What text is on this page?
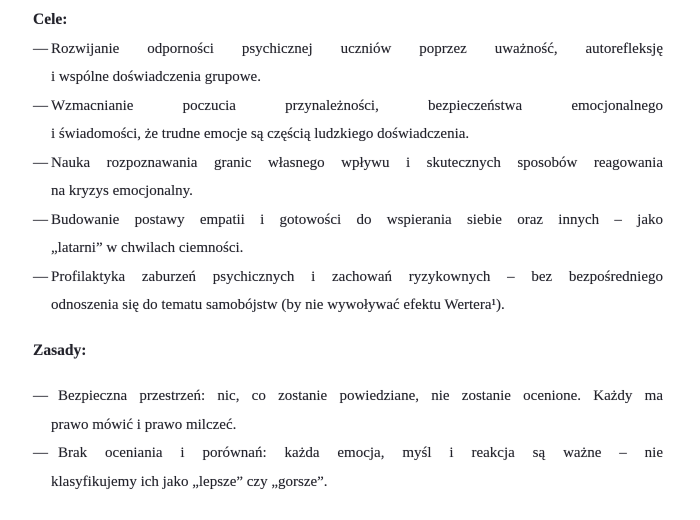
Cele:
— Rozwijanie odporności psychicznej uczniów poprzez uważność, autorefleksję
i wspólne doświadczenia grupowe.
— Wzmacnianie poczucia przynależności, bezpieczeństwa emocjonalnego
i świadomości, że trudne emocje są częścią ludzkiego doświadczenia.
— Nauka rozpoznawania granic własnego wpływu i skutecznych sposobów reagowania
na kryzys emocjonalny.
— Budowanie postawy empatii i gotowości do wspierania siebie oraz innych – jako
„latarni” w chwilach ciemności.
— Profilaktyka zaburzeń psychicznych i zachowań ryzykownych – bez bezpośredniego
odnoszenia się do tematu samobójstw (by nie wywoływać efektu Wertera¹).
Zasady:
— Bezpieczna przestrzeń: nic, co zostanie powiedziane, nie zostanie ocenione. Każdy ma
prawo mówić i prawo milczeć.
— Brak oceniania i porównań: każda emocja, myśl i reakcja są ważne – nie
klasyfikujemy ich jako „lepsze” czy „gorsze”.
